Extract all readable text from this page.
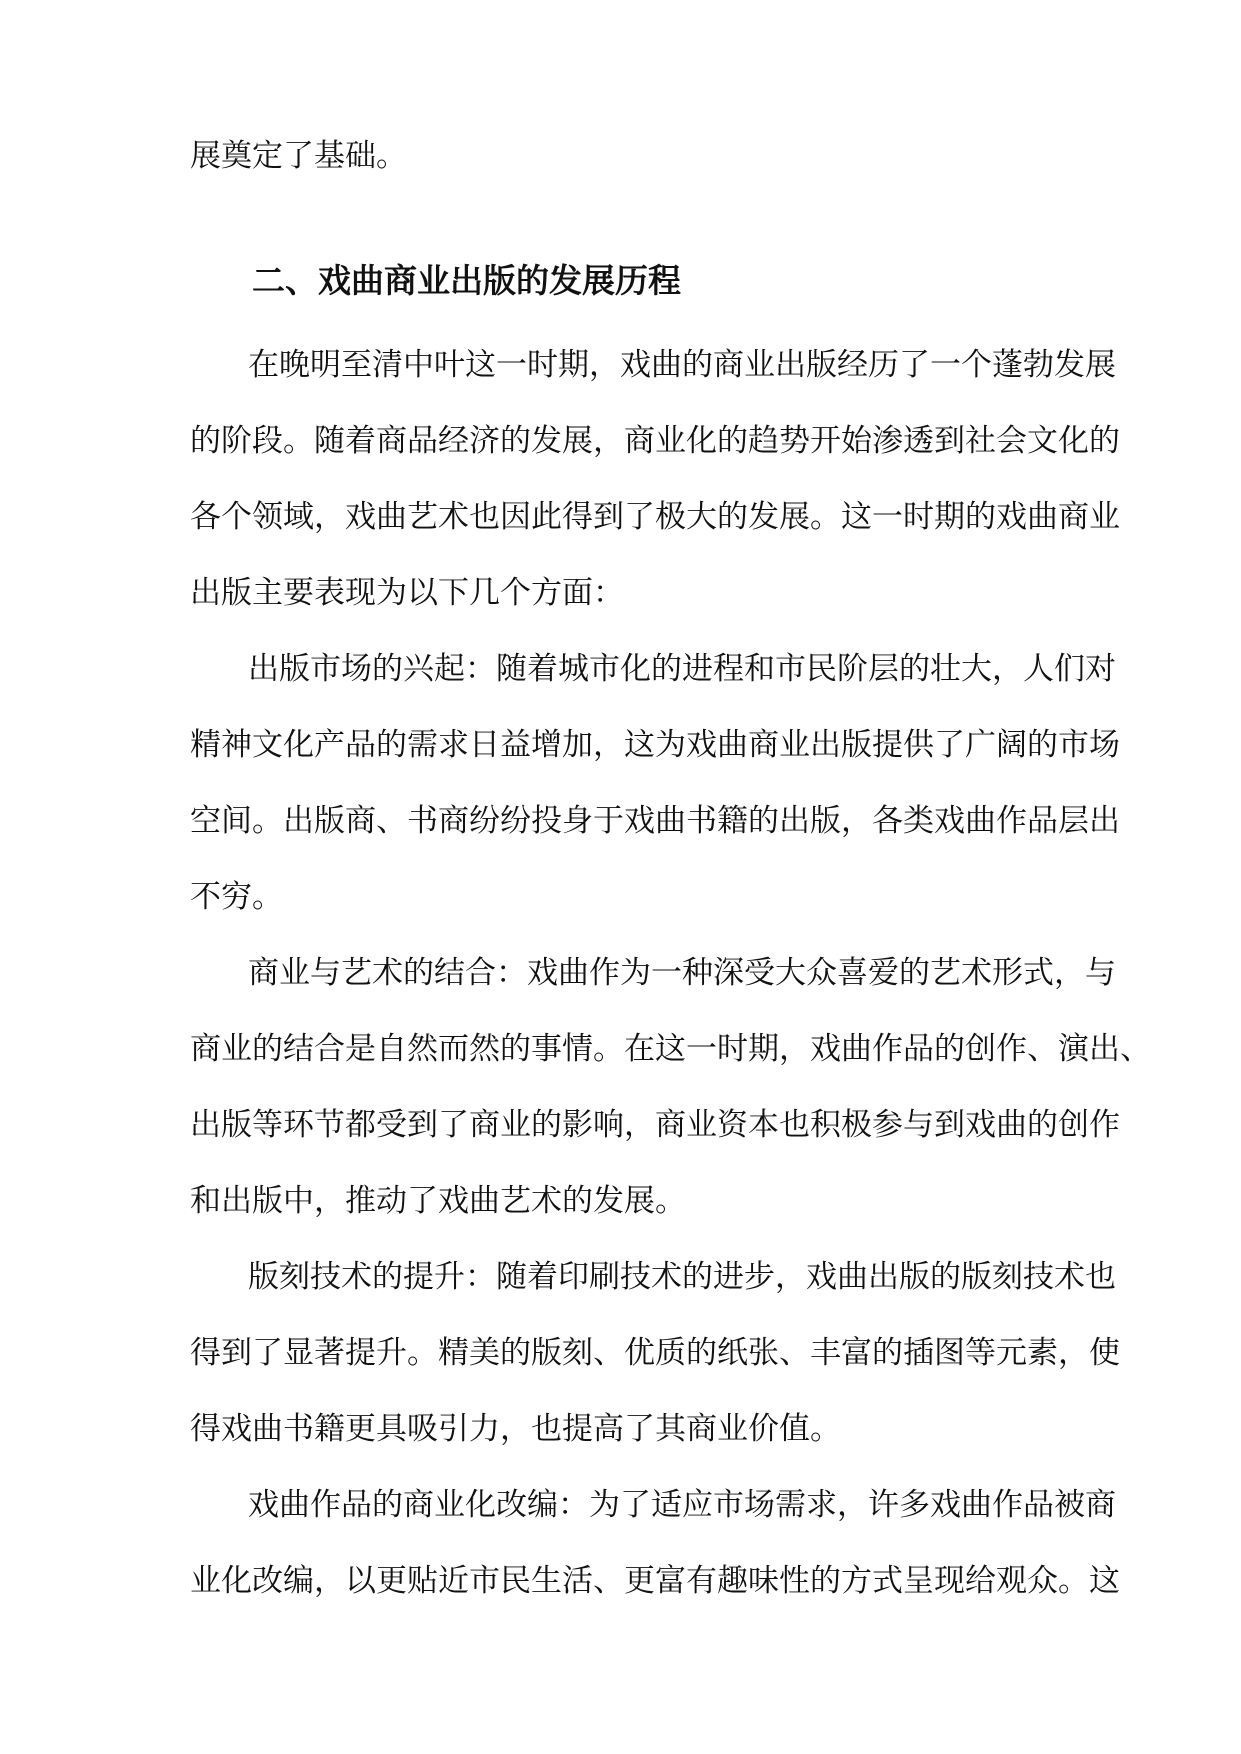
展奠定了基础。
二、戏曲商业出版的发展历程
在晚明至清中叶这一时期，戏曲的商业出版经历了一个蓬勃发展
的阶段。随着商品经济的发展，商业化的趋势开始渗透到社会文化的
各个领域，戏曲艺术也因此得到了极大的发展。这一时期的戏曲商业
出版主要表现为以下几个方面：
出版市场的兴起：随着城市化的进程和市民阶层的壮大，人们对
精神文化产品的需求日益增加，这为戏曲商业出版提供了广阔的市场
空间。出版商、书商纷纷投身于戏曲书籍的出版，各类戏曲作品层出
不穷。
商业与艺术的结合：戏曲作为一种深受大众喜爱的艺术形式，与
商业的结合是自然而然的事情。在这一时期，戏曲作品的创作、演出、
出版等环节都受到了商业的影响，商业资本也积极参与到戏曲的创作
和出版中，推动了戏曲艺术的发展。
版刻技术的提升：随着印刷技术的进步，戏曲出版的版刻技术也
得到了显著提升。精美的版刻、优质的纸张、丰富的插图等元素，使
得戏曲书籍更具吸引力，也提高了其商业价值。
戏曲作品的商业化改编：为了适应市场需求，许多戏曲作品被商
业化改编，以更贴近市民生活、更富有趣味性的方式呈现给观众。这
